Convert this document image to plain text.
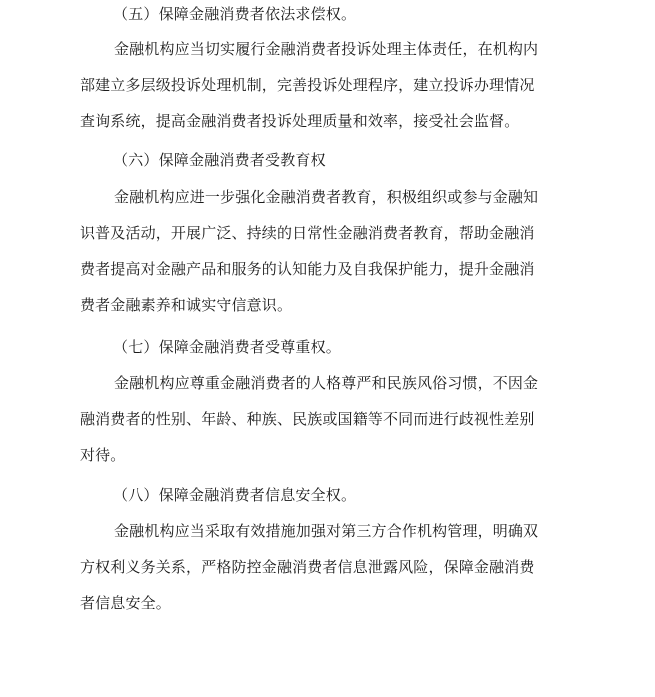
（五）保障金融消费者依法求偿权。
金融机构应当切实履行金融消费者投诉处理主体责任，在机构内
部建立多层级投诉处理机制，完善投诉处理程序，建立投诉办理情况
查询系统，提高金融消费者投诉处理质量和效率，接受社会监督。
（六）保障金融消费者受教育权
金融机构应进一步强化金融消费者教育，积极组织或参与金融知
识普及活动，开展广泛、持续的日常性金融消费者教育，帮助金融消
费者提高对金融产品和服务的认知能力及自我保护能力，提升金融消
费者金融素养和诚实守信意识。
（七）保障金融消费者受尊重权。
金融机构应尊重金融消费者的人格尊严和民族风俗习惯，不因金
融消费者的性别、年龄、种族、民族或国籍等不同而进行歧视性差别
对待。
（八）保障金融消费者信息安全权。
金融机构应当采取有效措施加强对第三方合作机构管理，明确双
方权利义务关系，严格防控金融消费者信息泄露风险，保障金融消费
者信息安全。
